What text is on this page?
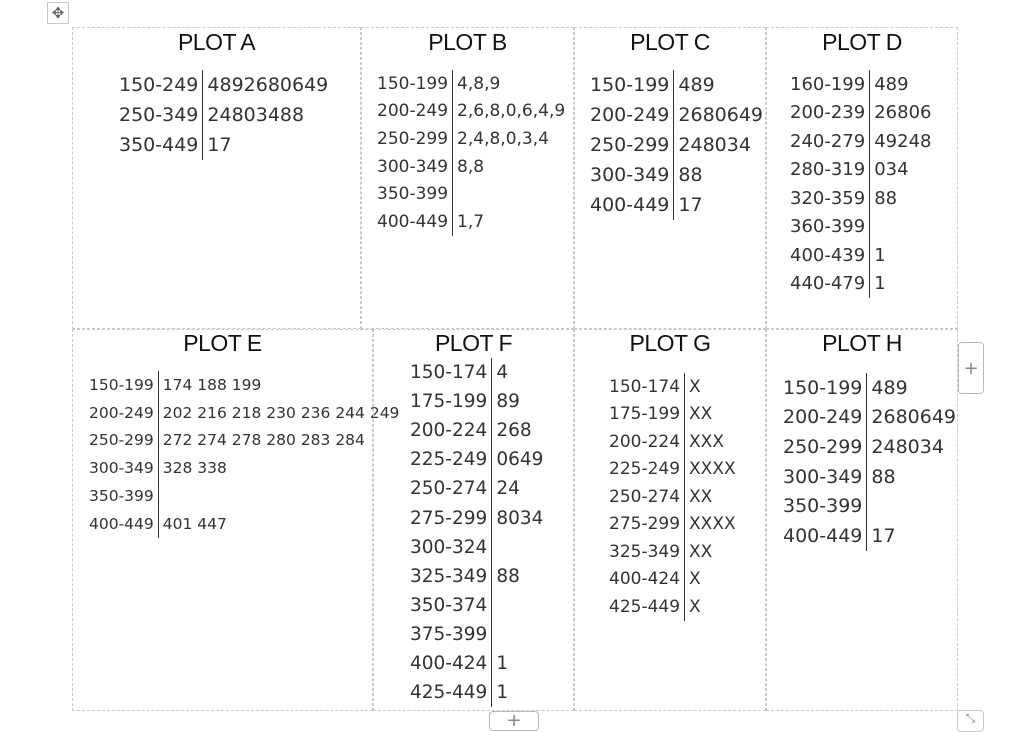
✥
PLOT A
150-249	4892680649
250-349	24803488
350-449	17
PLOT B
150-199	4,8,9
200-249	2,6,8,0,6,4,9
250-299	2,4,8,0,3,4
300-349	8,8
350-399	
400-449	1,7
PLOT C
150-199	489
200-249	2680649
250-299	248034
300-349	88
400-449	17
PLOT D
160-199	489
200-239	26806
240-279	49248
280-319	034
320-359	88
360-399	
400-439	1
440-479	1
PLOT E
150-199	174 188 199
200-249	202 216 218 230 236 244 249
250-299	272 274 278 280 283 284
300-349	328 338
350-399	
400-449	401 447
PLOT F
150-174	4
175-199	89
200-224	268
225-249	0649
250-274	24
275-299	8034
300-324	
325-349	88
350-374	
375-399	
400-424	1
425-449	1
PLOT G
150-174	X
175-199	XX
200-224	XXX
225-249	XXXX
250-274	XX
275-299	XXXX
325-349	XX
400-424	X
425-449	X
PLOT H
150-199	489
200-249	2680649
250-299	248034
300-349	88
350-399	
400-449	17
+
+	⤡
